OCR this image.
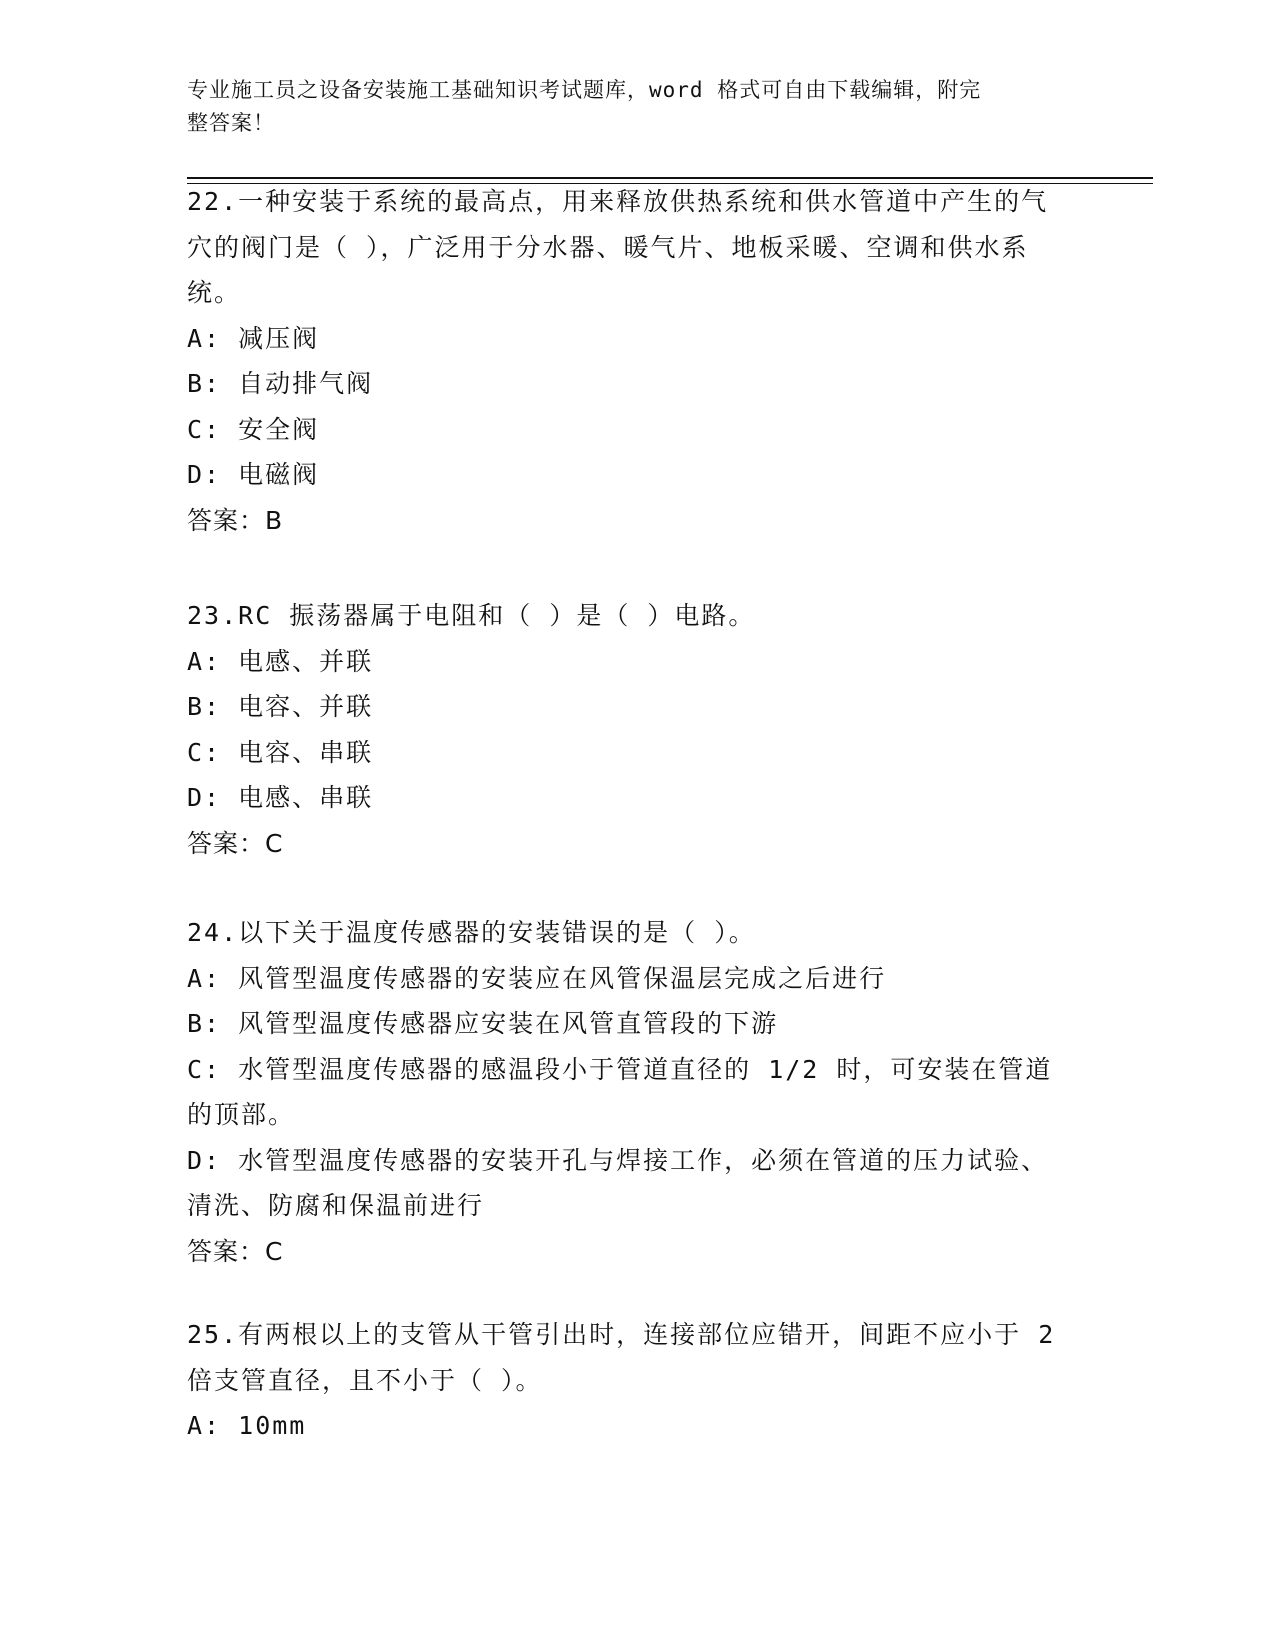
专业施工员之设备安装施工基础知识考试题库，word 格式可自由下载编辑，附完
整答案！
22.一种安装于系统的最高点，用来释放供热系统和供水管道中产生的气穴的阀门是（ ），广泛用于分水器、暖气片、地板采暖、空调和供水系统。
A: 减压阀
B: 自动排气阀
C: 安全阀
D: 电磁阀
答案：B
23.RC 振荡器属于电阻和（ ）是（ ）电路。
A: 电感、并联
B: 电容、并联
C: 电容、串联
D: 电感、串联
答案：C
24.以下关于温度传感器的安装错误的是（ ）。
A: 风管型温度传感器的安装应在风管保温层完成之后进行
B: 风管型温度传感器应安装在风管直管段的下游
C: 水管型温度传感器的感温段小于管道直径的 1/2 时，可安装在管道的顶部。
D: 水管型温度传感器的安装开孔与焊接工作，必须在管道的压力试验、清洗、防腐和保温前进行
答案：C
25.有两根以上的支管从干管引出时，连接部位应错开，间距不应小于 2 倍支管直径，且不小于（ ）。
A: 10mm
